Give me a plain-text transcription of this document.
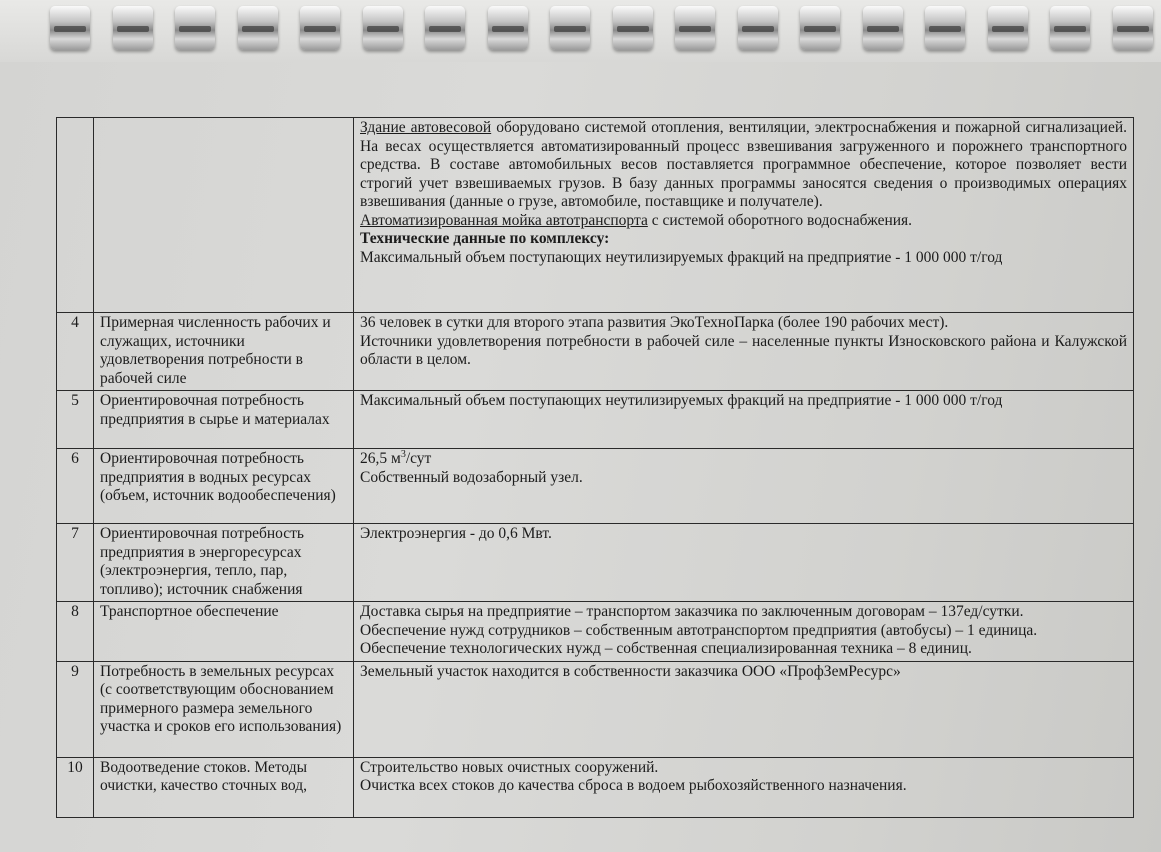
		Здание автовесовой оборудовано системой отопления, вентиляции, электроснабжения и пожарной сигнализацией. На весах осуществляется автоматизированный процесс взвешивания загруженного и порожнего транспортного средства. В составе автомобильных весов поставляется программное обеспечение, которое позволяет вести строгий учет взвешиваемых грузов. В базу данных программы заносятся сведения о производимых операциях взвешивания (данные о грузе, автомобиле, поставщике и получателе).
Автоматизированная мойка автотранспорта с системой оборотного водоснабжения.
Технические данные по комплексу:
Максимальный объем поступающих неутилизируемых фракций на предприятие - 1 000 000 т/год

4	Примерная численность рабочих и служащих, источники удовлетворения потребности в рабочей силе	36 человек в сутки для второго этапа развития ЭкоТехноПарка (более 190 рабочих мест).
Источники удовлетворения потребности в рабочей силе – населенные пункты Износковского района и Калужской области в целом.

5	Ориентировочная потребность предприятия в сырье и материалах	Максимальный объем поступающих неутилизируемых фракций на предприятие - 1 000 000 т/год

6	Ориентировочная потребность предприятия в водных ресурсах (объем, источник водообеспечения)	26,5 $м^3$/сут
Собственный водозаборный узел.

7	Ориентировочная потребность предприятия в энергоресурсах (электроэнергия, тепло, пар, топливо); источник снабжения	Электроэнергия - до 0,6 Мвт.

8	Транспортное обеспечение	Доставка сырья на предприятие – транспортом заказчика по заключенным договорам – 137ед/сутки.
Обеспечение нужд сотрудников – собственным автотранспортом предприятия (автобусы) – 1 единица.
Обеспечение технологических нужд – собственная специализированная техника – 8 единиц.

9	Потребность в земельных ресурсах (с соответствующим обоснованием примерного размера земельного участка и сроков его использования)	Земельный участок находится в собственности заказчика ООО «ПрофЗемРесурс»

10	Водоотведение стоков. Методы очистки, качество сточных вод,	Строительство новых очистных сооружений.
Очистка всех стоков до качества сброса в водоем рыбохозяйственного назначения.
